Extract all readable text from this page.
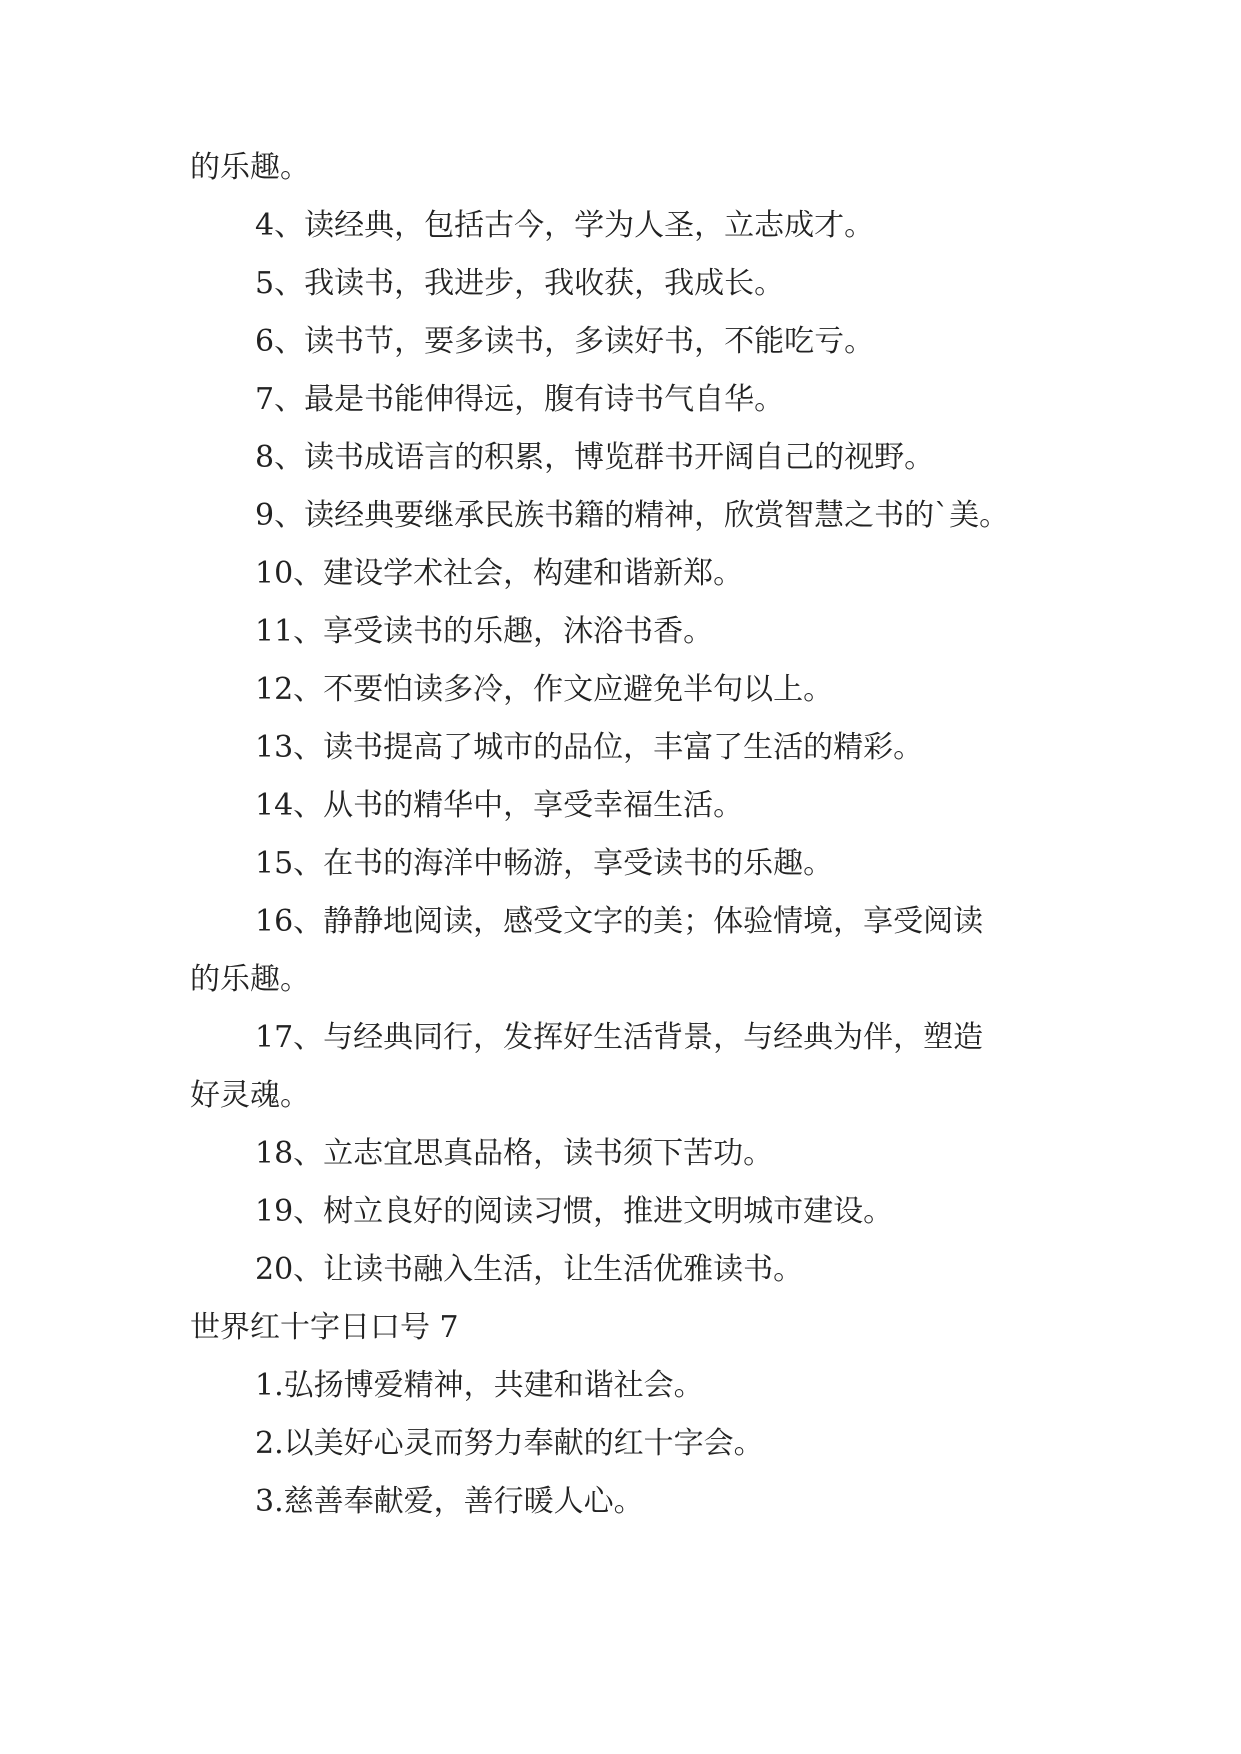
的乐趣。
4、读经典，包括古今，学为人圣，立志成才。
5、我读书，我进步，我收获，我成长。
6、读书节，要多读书，多读好书，不能吃亏。
7、最是书能伸得远，腹有诗书气自华。
8、读书成语言的积累，博览群书开阔自己的视野。
9、读经典要继承民族书籍的精神，欣赏智慧之书的`美。
10、建设学术社会，构建和谐新郑。
11、享受读书的乐趣，沐浴书香。
12、不要怕读多冷，作文应避免半句以上。
13、读书提高了城市的品位，丰富了生活的精彩。
14、从书的精华中，享受幸福生活。
15、在书的海洋中畅游，享受读书的乐趣。
16、静静地阅读，感受文字的美；体验情境，享受阅读
的乐趣。
17、与经典同行，发挥好生活背景，与经典为伴，塑造
好灵魂。
18、立志宜思真品格，读书须下苦功。
19、树立良好的阅读习惯，推进文明城市建设。
20、让读书融入生活，让生活优雅读书。
世界红十字日口号 7
1.弘扬博爱精神，共建和谐社会。
2.以美好心灵而努力奉献的红十字会。
3.慈善奉献爱，善行暖人心。
